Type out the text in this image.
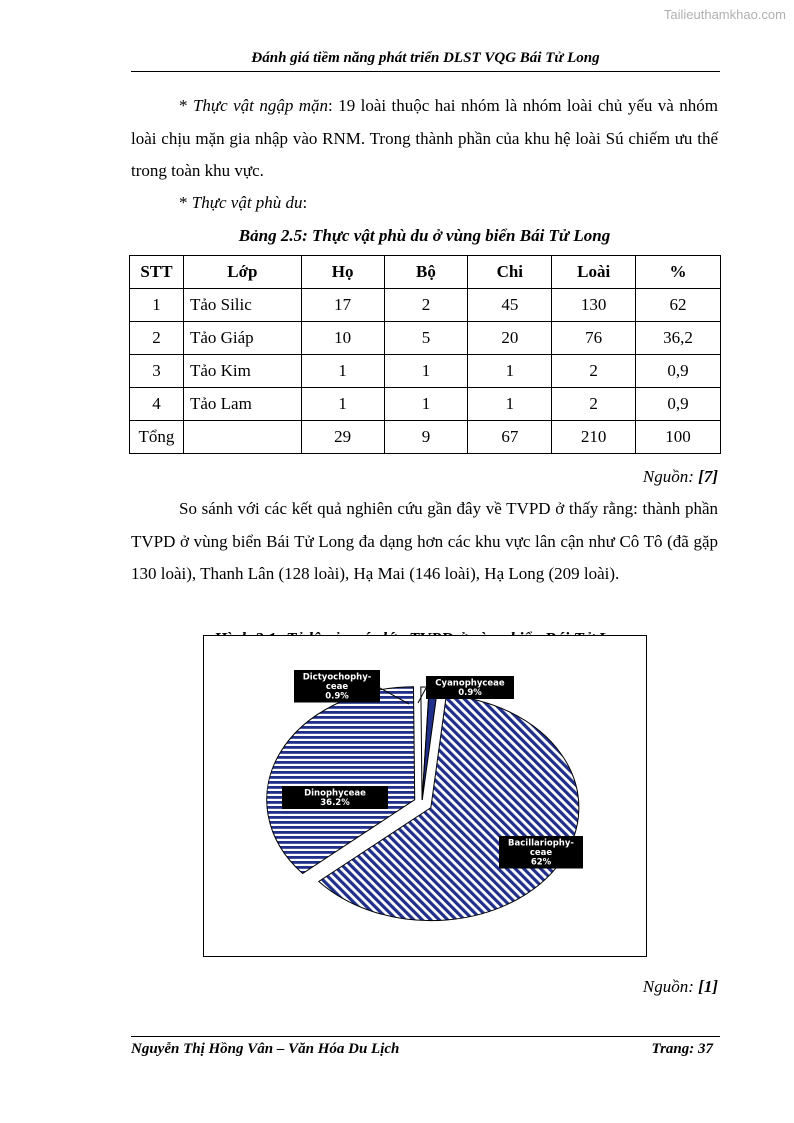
Tailieuthamkhao.com
Đánh giá tiềm năng phát triển DLST VQG Bái Tử Long
* Thực vật ngập mặn: 19 loài thuộc hai nhóm là nhóm loài chủ yếu và nhóm loài chịu mặn gia nhập vào RNM. Trong thành phần của khu hệ loài Sú chiếm ưu thế trong toàn khu vực.
* Thực vật phù du:
Bảng 2.5: Thực vật phù du ở vùng biển Bái Tử Long
STT	Lớp	Họ	Bộ	Chi	Loài	%
1	Tảo Silic	17	2	45	130	62
2	Tảo Giáp	10	5	20	76	36,2
3	Tảo Kim	1	1	1	2	0,9
4	Tảo Lam	1	1	1	2	0,9
Tổng		29	9	67	210	100
Nguồn: [7]
So sánh với các kết quả nghiên cứu gần đây về TVPD ở thấy rằng: thành phần TVPD ở vùng biển Bái Tử Long đa dạng hơn các khu vực lân cận như Cô Tô (đã gặp 130 loài), Thanh Lân (128 loài), Hạ Mai (146 loài), Hạ Long (209 loài).
Bacillariophy-
ceae
62%
Dinophyceae
36.2%
Dictyochophy-
ceae
0.9%
Cyanophyceae
0.9%
Nguồn: [1]
Nguyễn Thị Hồng Vân – Văn Hóa Du Lịch	Trang: 37
